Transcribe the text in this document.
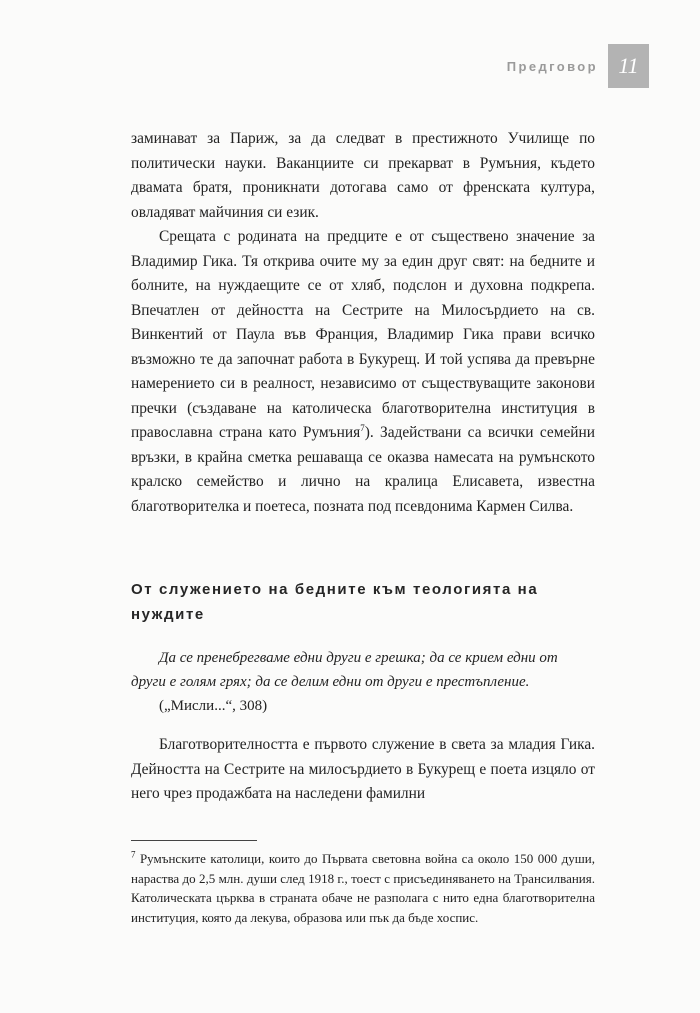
Предговор 11

заминават за Париж, за да следват в престижното Училище по политически науки. Ваканциите си прекарват в Румъния, където двамата братя, проникнати дотогава само от френската култура, овладяват майчиния си език.

Срещата с родината на предците е от съществено значение за Владимир Гика. Тя открива очите му за един друг свят: на бедните и болните, на нуждаещите се от хляб, подслон и духовна подкрепа. Впечатлен от дейността на Сестрите на Милосърдието на св. Винкентий от Паула във Франция, Владимир Гика прави всичко възможно те да започнат работа в Букурещ. И той успява да превърне намерението си в реалност, независимо от съществуващите законови пречки (създаване на католическа благотворителна институция в православна страна като Румъния$^7$). Задействани са всички семейни връзки, в крайна сметка решаваща се оказва намесата на румънското кралско семейство и лично на кралица Елисавета, известна благотворителка и поетеса, позната под псевдонима Кармен Силва.

От служението на бедните към теологията на нуждите

Да се пренебрегваме едни други е грешка; да се крием едни от други е голям грях; да се делим едни от други е престъпление.

(„Мисли...“, 308)

Благотворителността е първото служение в света за младия Гика. Дейността на Сестрите на милосърдието в Букурещ е поета изцяло от него чрез продажбата на наследени фамилни

$^7$ Румънските католици, които до Първата световна война са около 150 000 души, нараства до 2,5 млн. души след 1918 г., тоест с присъединяването на Трансилвания. Католическата църква в страната обаче не разполага с нито една благотворителна институция, която да лекува, образова или пък да бъде хоспис.
